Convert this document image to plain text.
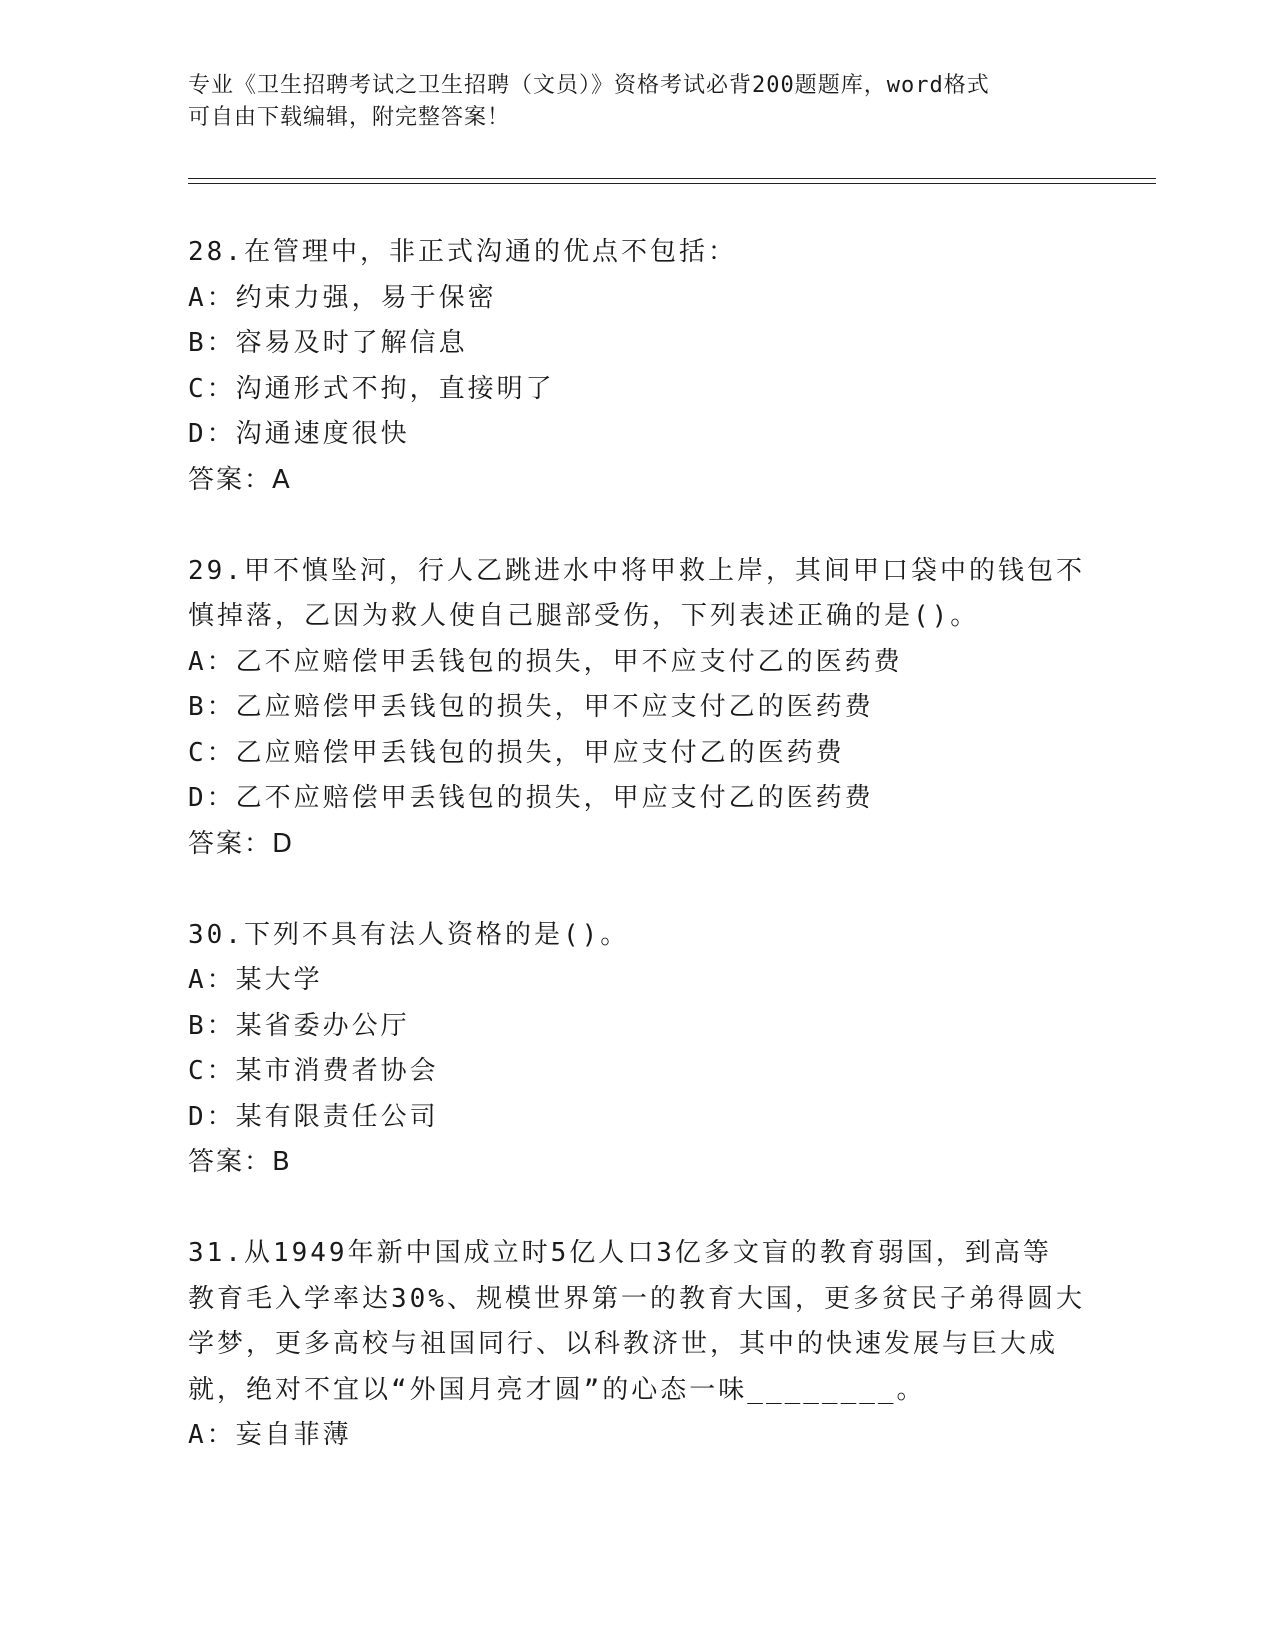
专业《卫生招聘考试之卫生招聘（文员）》资格考试必背200题题库，word格式
可自由下载编辑，附完整答案！
28.在管理中，非正式沟通的优点不包括：
A：约束力强，易于保密
B：容易及时了解信息
C：沟通形式不拘，直接明了
D：沟通速度很快
答案：A
29.甲不慎坠河，行人乙跳进水中将甲救上岸，其间甲口袋中的钱包不
慎掉落，乙因为救人使自己腿部受伤，下列表述正确的是()。
A：乙不应赔偿甲丢钱包的损失，甲不应支付乙的医药费
B：乙应赔偿甲丢钱包的损失，甲不应支付乙的医药费
C：乙应赔偿甲丢钱包的损失，甲应支付乙的医药费
D：乙不应赔偿甲丢钱包的损失，甲应支付乙的医药费
答案：D
30.下列不具有法人资格的是()。
A：某大学
B：某省委办公厅
C：某市消费者协会
D：某有限责任公司
答案：B
31.从1949年新中国成立时5亿人口3亿多文盲的教育弱国，到高等
教育毛入学率达30%、规模世界第一的教育大国，更多贫民子弟得圆大
学梦，更多高校与祖国同行、以科教济世，其中的快速发展与巨大成
就，绝对不宜以“外国月亮才圆”的心态一味________。
A：妄自菲薄
